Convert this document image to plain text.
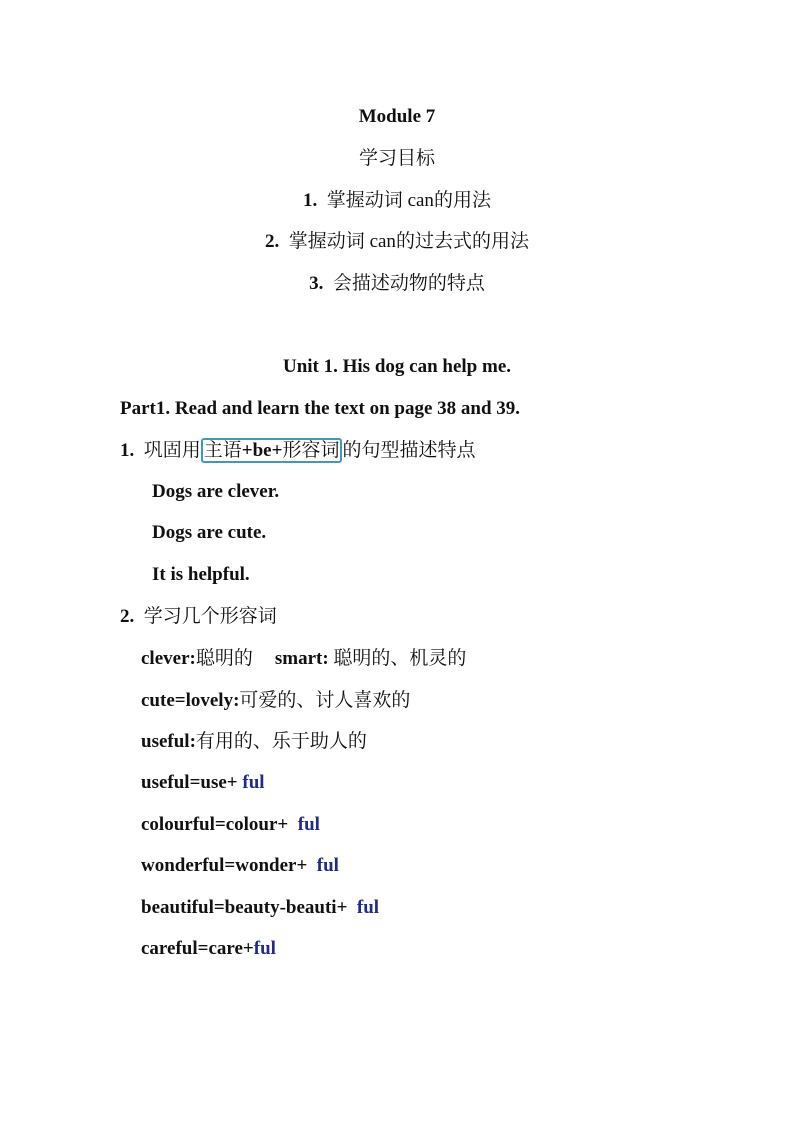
Module 7
学习目标
1. 掌握动词 can的用法
2. 掌握动词 can的过去式的用法
3. 会描述动物的特点
Unit 1. His dog can help me.
Part1. Read and learn the text on page 38 and 39.
1. 巩固用 主语+be+形容词 的句型描述特点
Dogs are clever.
Dogs are cute.
It is helpful.
2. 学习几个形容词
clever:聪明的 smart: 聪明的、机灵的
cute=lovely:可爱的、讨人喜欢的
useful:有用的、乐于助人的
useful=use+ ful
colourful=colour+  ful
wonderful=wonder+  ful
beautiful=beauty-beauti+  ful
careful=care+ful
